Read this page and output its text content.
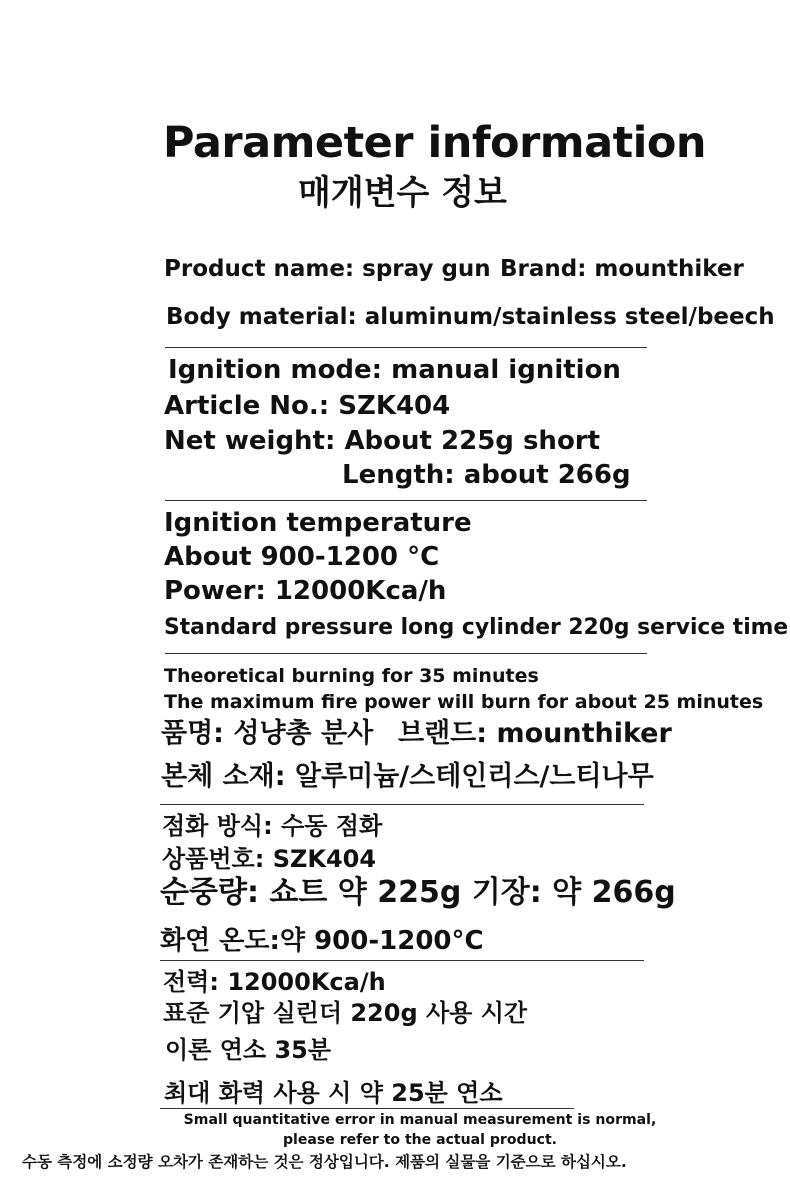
Parameter information
매개변수 정보
Product name: spray gun Brand: mounthiker
Body material: aluminum/stainless steel/beech
Ignition mode: manual ignition
Article No.: SZK404
Net weight: About 225g short
Length: about 266g
Ignition temperature
About 900-1200 °C
Power: 12000Kca/h
Standard pressure long cylinder 220g service time
Theoretical burning for 35 minutes
The maximum fire power will burn for about 25 minutes
품명: 성냥총 분사 브랜드: mounthiker
본체 소재: 알루미늄/스테인리스/느티나무
점화 방식: 수동 점화
상품번호: SZK404
순중량: 쇼트 약 225g 기장: 약 266g
화연 온도:약 900-1200°C
전력: 12000Kca/h
표준 기압 실린더 220g 사용 시간
이론 연소 35분
최대 화력 사용 시 약 25분 연소
Small quantitative error in manual measurement is normal,
please refer to the actual product.
수동 측정에 소정량 오차가 존재하는 것은 정상입니다. 제품의 실물을 기준으로 하십시오.
